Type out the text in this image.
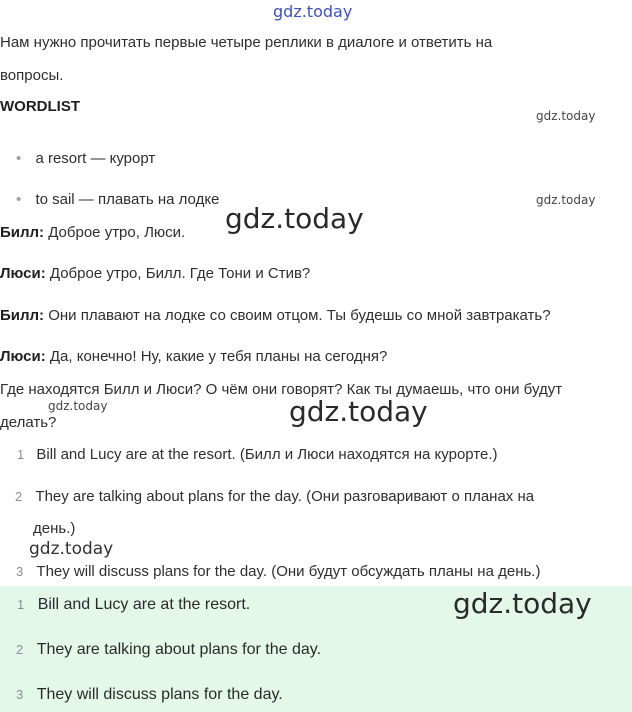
gdz.today
gdz.today
gdz.today
gdz.today
Нам нужно прочитать первые четыре реплики в диалоге и ответить на
вопросы.
WORDLIST
• a resort — курорт
• to sail — плавать на лодке
Билл: Доброе утро, Люси.
Люси: Доброе утро, Билл. Где Тони и Стив?
Билл: Они плавают на лодке со своим отцом. Ты будешь со мной завтракать?
Люси: Да, конечно! Ну, какие у тебя планы на сегодня?
Где находятся Билл и Люси? О чём они говорят? Как ты думаешь, что они будут
gdz.today	gdz.today
делать?
1 Bill and Lucy are at the resort. (Билл и Люси находятся на курорте.)
2 They are talking about plans for the day. (Они разговаривают о планах на
день.)
gdz.today
3 They will discuss plans for the day. (Они будут обсуждать планы на день.)
gdz.today
1 Bill and Lucy are at the resort.
2 They are talking about plans for the day.
3 They will discuss plans for the day.
